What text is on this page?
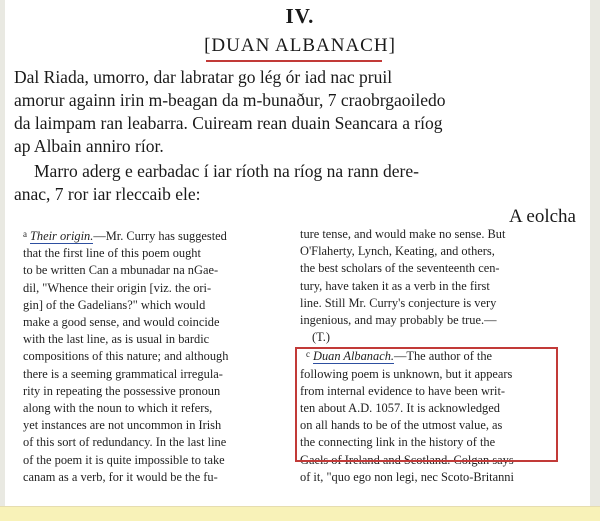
IV.
[DUAN ALBANACH]
Dal Riada, umorro, dar labratar go lég ór iad nac pruil
amorur againn irin m-beagan da m-bunaður, 7 craobrgaoiledo
da laimpam ran leabarra. Cuiream rean duain Seancara a ríog
ap Albain anniro ríor.
Marro aderg e earbadac í iar ríoth na ríog na rann dere-
anac, 7 ror iar rleccaib ele:
A eolcha
$^a$ Their origin.—Mr. Curry has suggested
that the first line of this poem ought
to be written Can a mbunadar na nGae-
dil, "Whence their origin [viz. the ori-
gin] of the Gadelians?" which would
make a good sense, and would coincide
with the last line, as is usual in bardic
compositions of this nature; and although
there is a seeming grammatical irregula-
rity in repeating the possessive pronoun
along with the noun to which it refers,
yet instances are not uncommon in Irish
of this sort of redundancy. In the last line
of the poem it is quite impossible to take
canam as a verb, for it would be the fu-
ture tense, and would make no sense. But
O'Flaherty, Lynch, Keating, and others,
the best scholars of the seventeenth cen-
tury, have taken it as a verb in the first
line. Still Mr. Curry's conjecture is very
ingenious, and may probably be true.—
(T.)
$^c$ Duan Albanach.—The author of the
following poem is unknown, but it appears
from internal evidence to have been writ-
ten about A.D. 1057. It is acknowledged
on all hands to be of the utmost value, as
the connecting link in the history of the
Gaels of Ireland and Scotland. Colgan says
of it, "quo ego non legi, nec Scoto-Britanni
